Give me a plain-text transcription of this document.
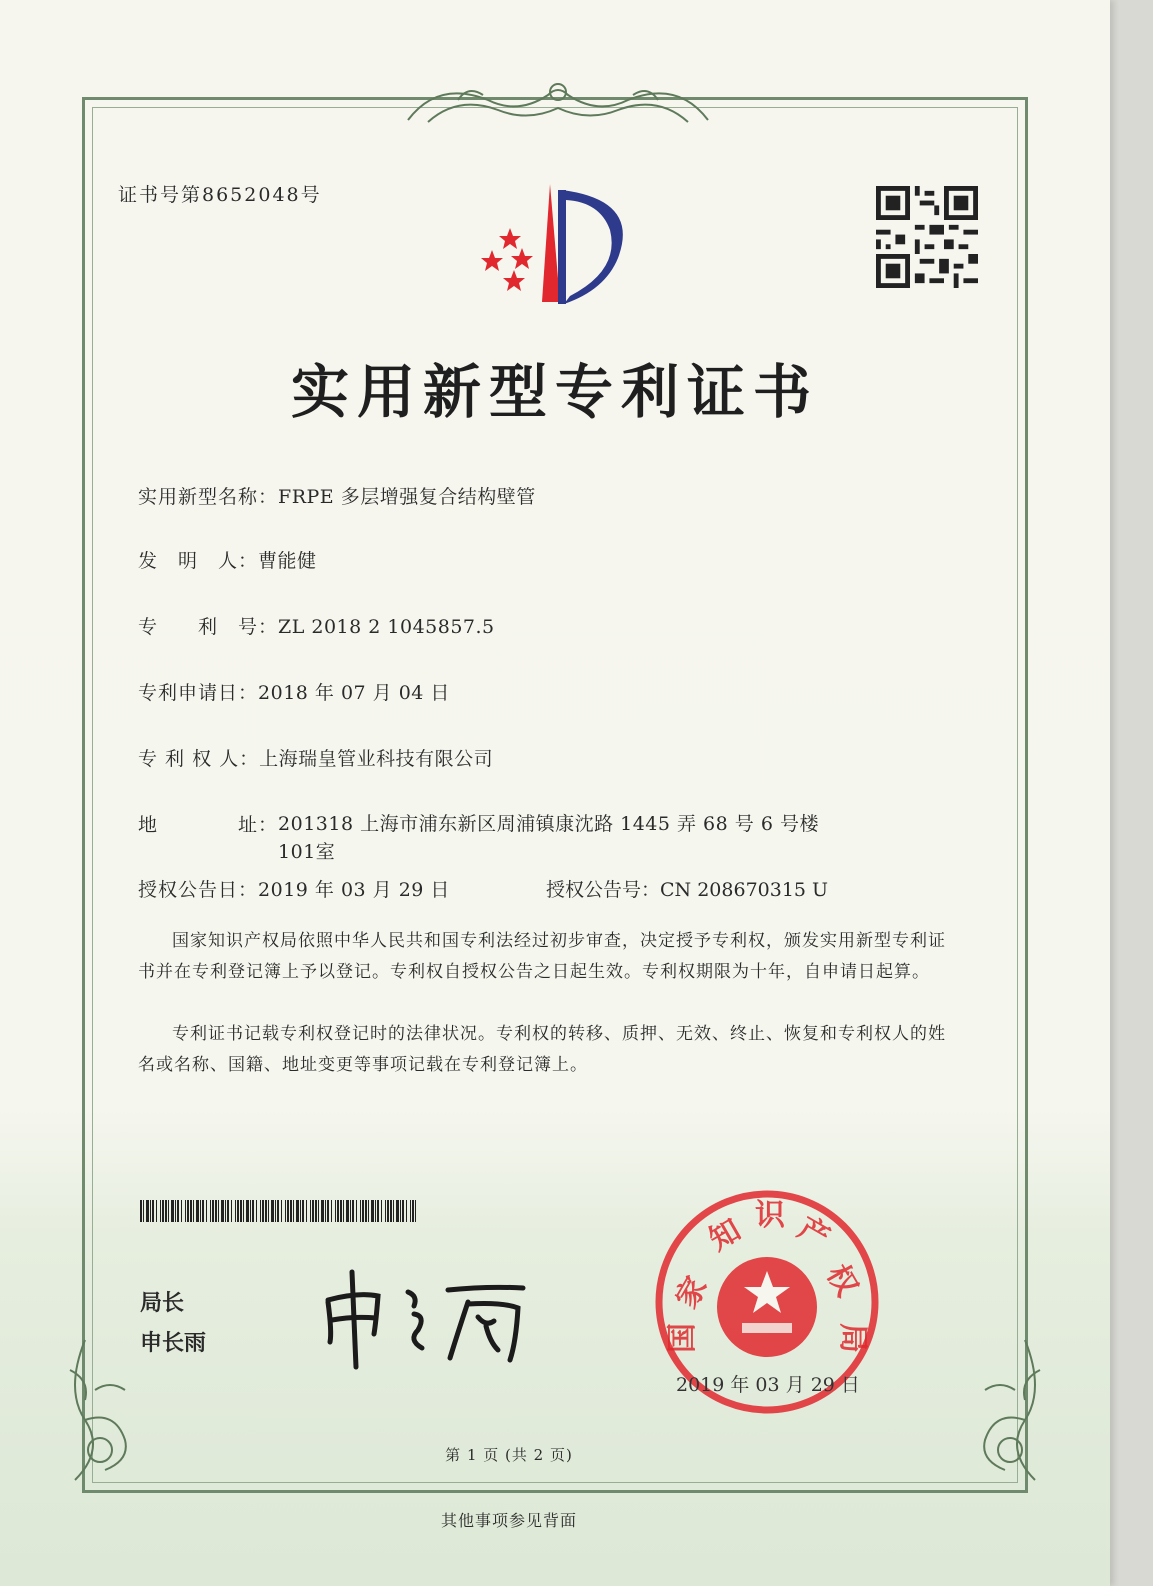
证书号第8652048号
实用新型专利证书
实用新型名称：FRPE 多层增强复合结构壁管
发　明　人：曹能健
专　　利　号：ZL 2018 2 1045857.5
专利申请日：2018 年 07 月 04 日
专 利 权 人：上海瑞皇管业科技有限公司
地　　　　址：201318 上海市浦东新区周浦镇康沈路 1445 弄 68 号 6 号楼 101室
授权公告日：2019 年 03 月 29 日	授权公告号：CN 208670315 U
国家知识产权局依照中华人民共和国专利法经过初步审查，决定授予专利权，颁发实用新型专利证书并在专利登记簿上予以登记。专利权自授权公告之日起生效。专利权期限为十年，自申请日起算。
专利证书记载专利权登记时的法律状况。专利权的转移、质押、无效、终止、恢复和专利权人的姓名或名称、国籍、地址变更等事项记载在专利登记簿上。
局长
申长雨
家
知 识 产
权
国	局
2019 年 03 月 29 日
第 1 页 (共 2 页)
其他事项参见背面
